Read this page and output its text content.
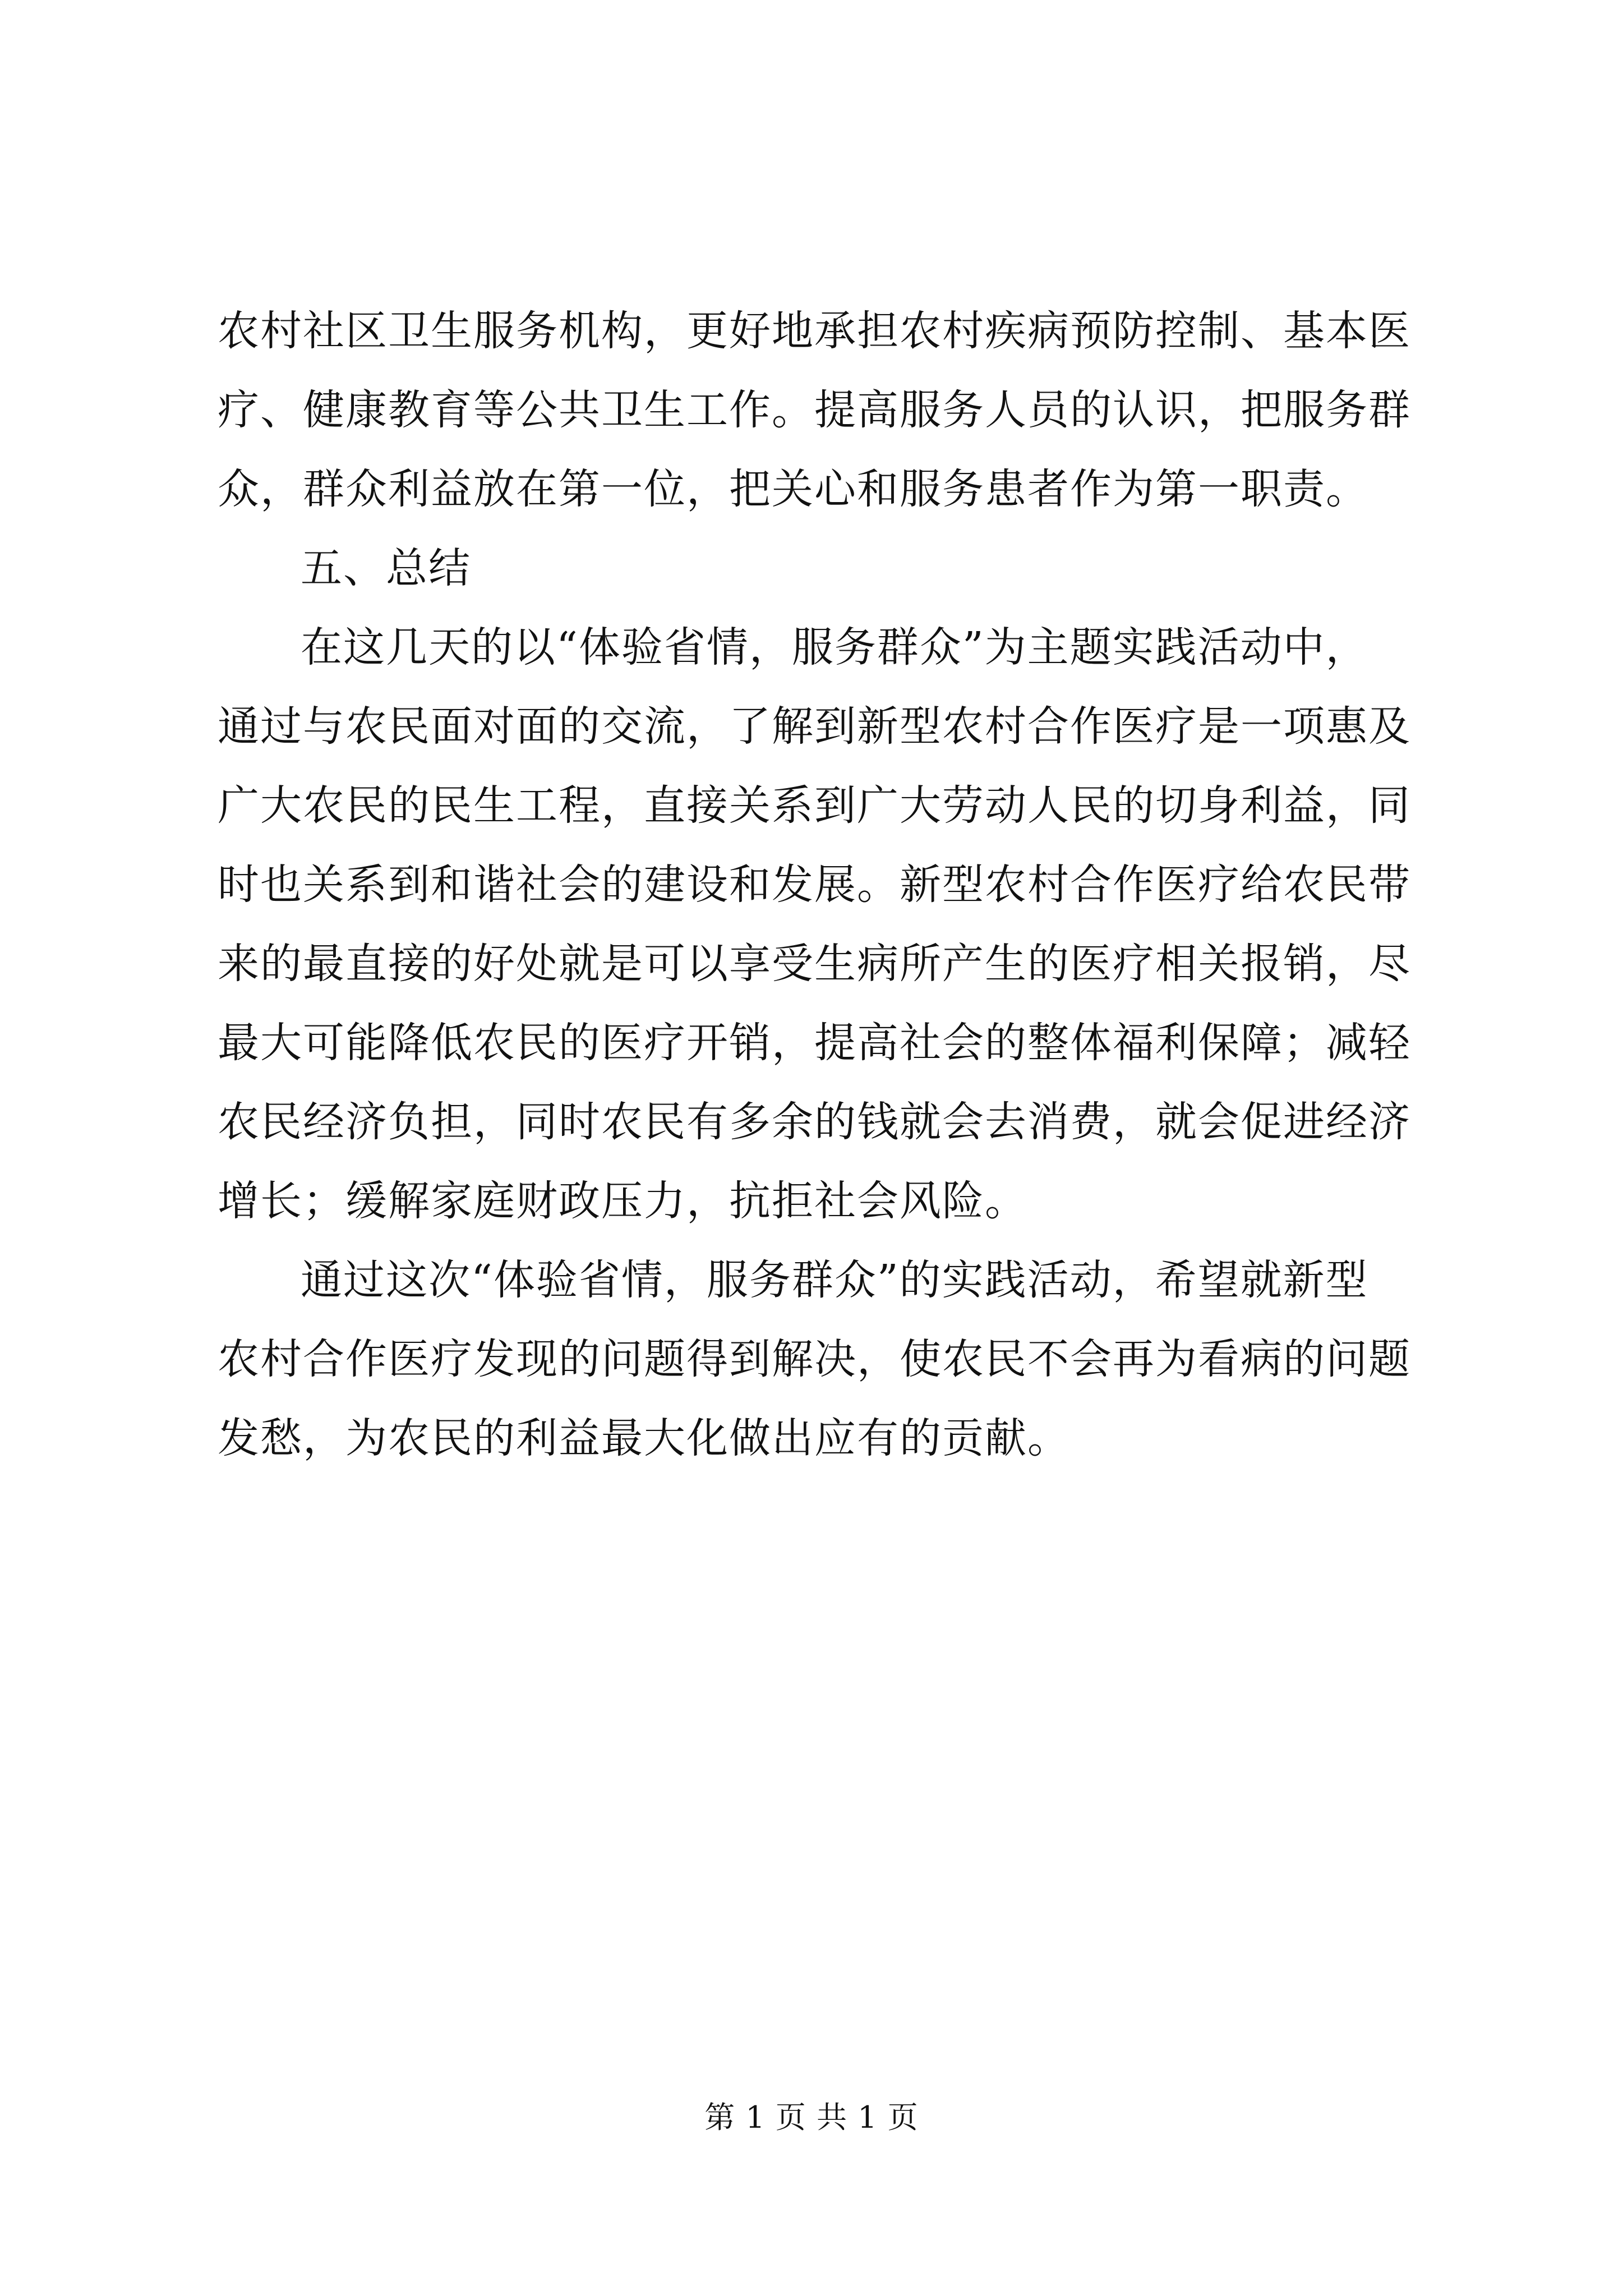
农村社区卫生服务机构，更好地承担农村疾病预防控制、基本医
疗、健康教育等公共卫生工作。提高服务人员的认识，把服务群
众，群众利益放在第一位，把关心和服务患者作为第一职责。

五、总结

在这几天的以“体验省情，服务群众”为主题实践活动中，
通过与农民面对面的交流，了解到新型农村合作医疗是一项惠及
广大农民的民生工程，直接关系到广大劳动人民的切身利益，同
时也关系到和谐社会的建设和发展。新型农村合作医疗给农民带
来的最直接的好处就是可以享受生病所产生的医疗相关报销，尽
最大可能降低农民的医疗开销，提高社会的整体福利保障；减轻
农民经济负担，同时农民有多余的钱就会去消费，就会促进经济
增长；缓解家庭财政压力，抗拒社会风险。

通过这次“体验省情，服务群众”的实践活动，希望就新型
农村合作医疗发现的问题得到解决，使农民不会再为看病的问题
发愁，为农民的利益最大化做出应有的贡献。

第 1 页 共 1 页
